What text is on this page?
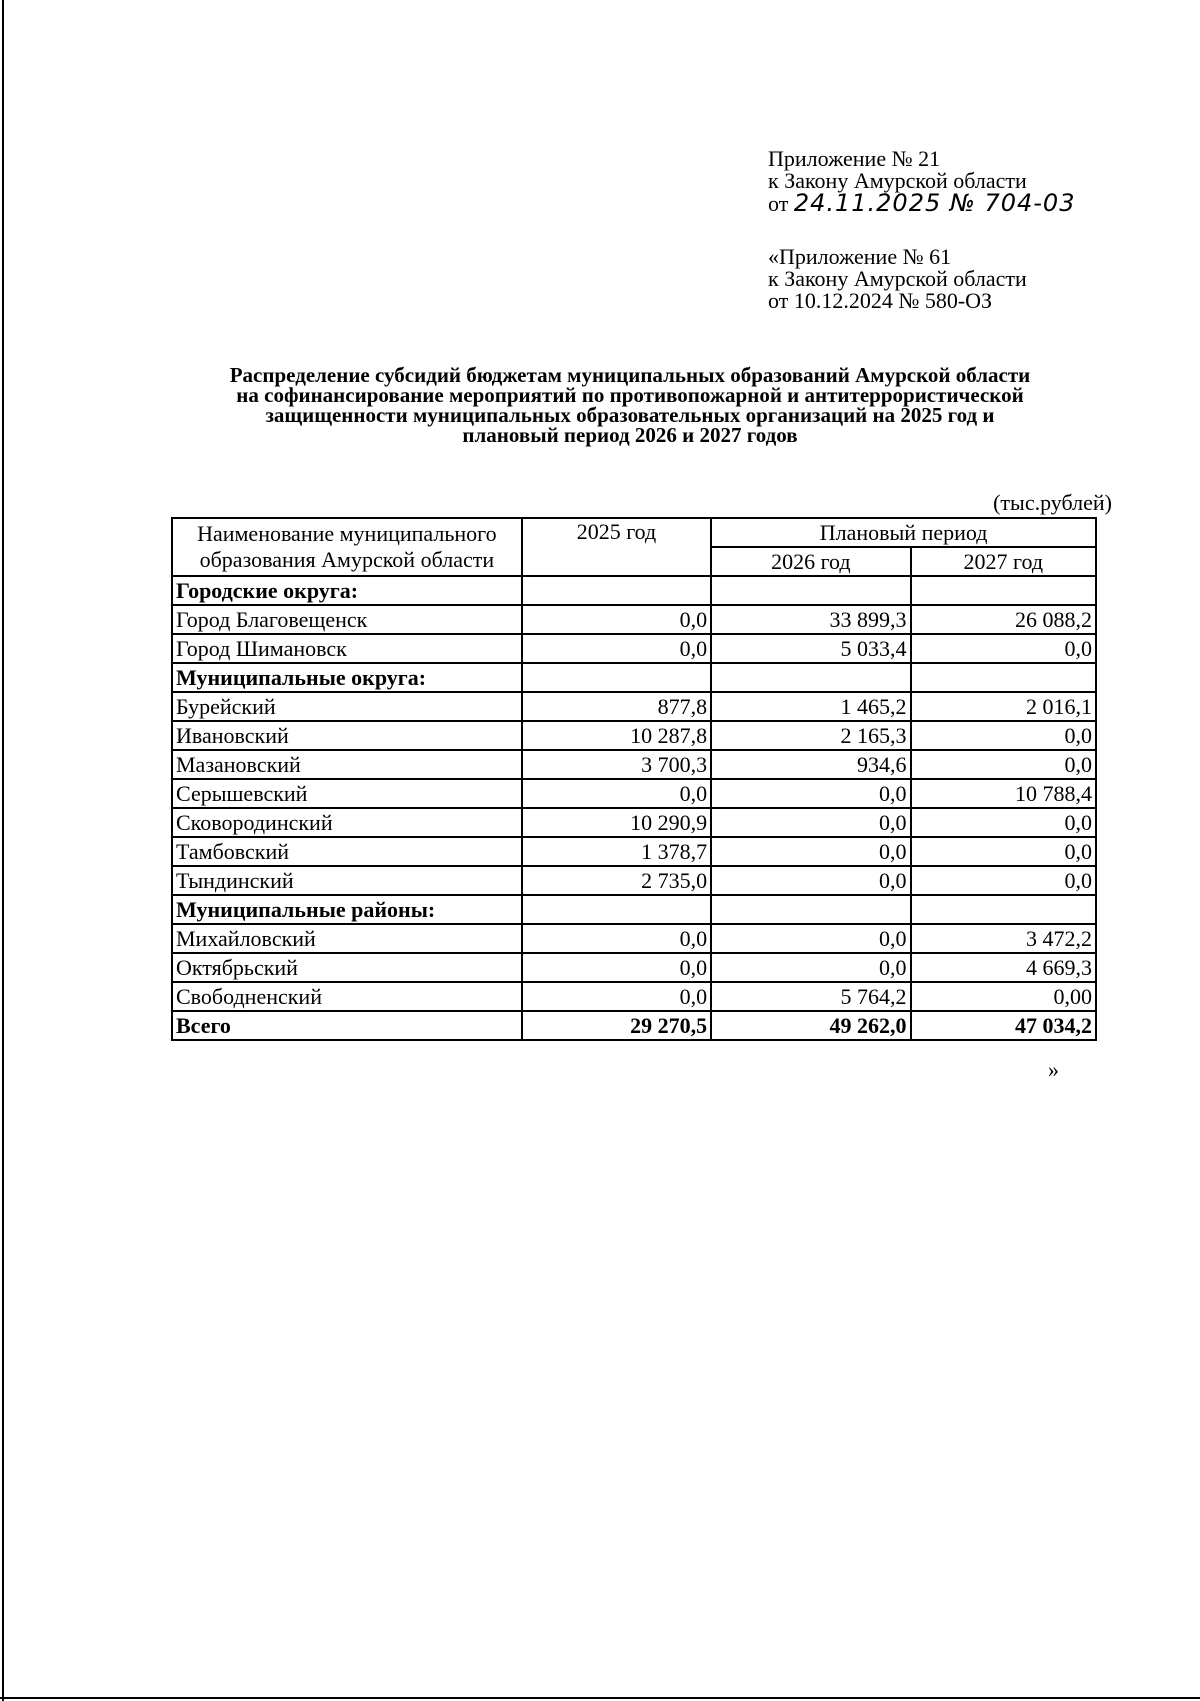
Приложение № 21
к Закону Амурской области
от 24.11.2025 № 704-03
«Приложение № 61
к Закону Амурской области
от 10.12.2024 № 580-ОЗ
Распределение субсидий бюджетам муниципальных образований Амурской области
на софинансирование мероприятий по противопожарной и антитеррористической
защищенности муниципальных образовательных организаций на 2025 год и
плановый период 2026 и 2027 годов
(тыс.рублей)
Наименование муниципального
образования Амурской области	2025 год	Плановый период	
		2026 год	2027 год
Городские округа:			
Город Благовещенск	0,0	33 899,3	26 088,2
Город Шимановск	0,0	5 033,4	0,0
Муниципальные округа:			
Бурейский	877,8	1 465,2	2 016,1
Ивановский	10 287,8	2 165,3	0,0
Мазановский	3 700,3	934,6	0,0
Серышевский	0,0	0,0	10 788,4
Сковородинский	10 290,9	0,0	0,0
Тамбовский	1 378,7	0,0	0,0
Тындинский	2 735,0	0,0	0,0
Муниципальные районы:			
Михайловский	0,0	0,0	3 472,2
Октябрьский	0,0	0,0	4 669,3
Свободненский	0,0	5 764,2	0,00
Всего	29 270,5	49 262,0	47 034,2
»
